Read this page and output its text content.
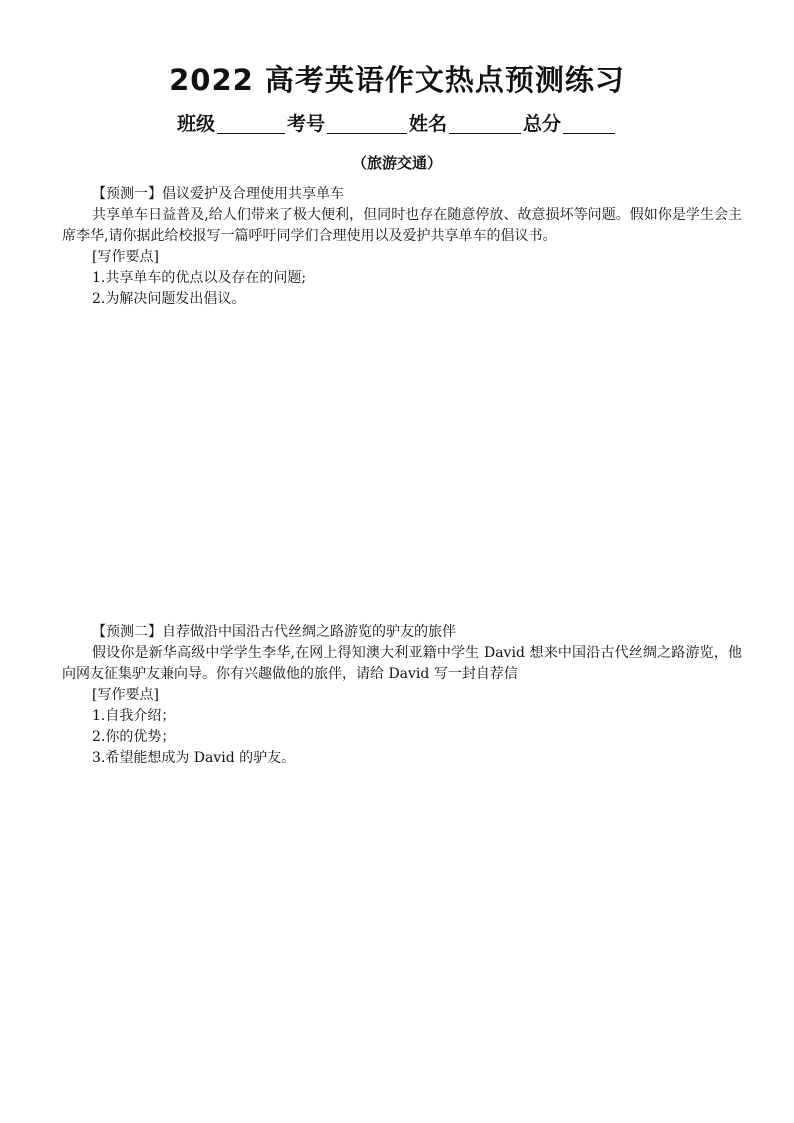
2022 高考英语作文热点预测练习
班级	考号	姓名	总分
（旅游交通）

【预测一】倡议爱护及合理使用共享单车

共享单车日益普及,给人们带来了极大便利，但同时也存在随意停放、故意损坏等问题。假如你是学生会主席李华,请你据此给校报写一篇呼吁同学们合理使用以及爱护共享单车的倡议书。

[写作要点]

1.共享单车的优点以及存在的问题;

2.为解决问题发出倡议。

【预测二】自荐做沿中国沿古代丝绸之路游览的驴友的旅伴

假设你是新华高级中学学生李华,在网上得知澳大利亚籍中学生 David 想来中国沿古代丝绸之路游览，他向网友征集驴友兼向导。你有兴趣做他的旅伴，请给 David 写一封自荐信

[写作要点]

1.自我介绍；

2.你的优势；

3.希望能想成为 David 的驴友。
